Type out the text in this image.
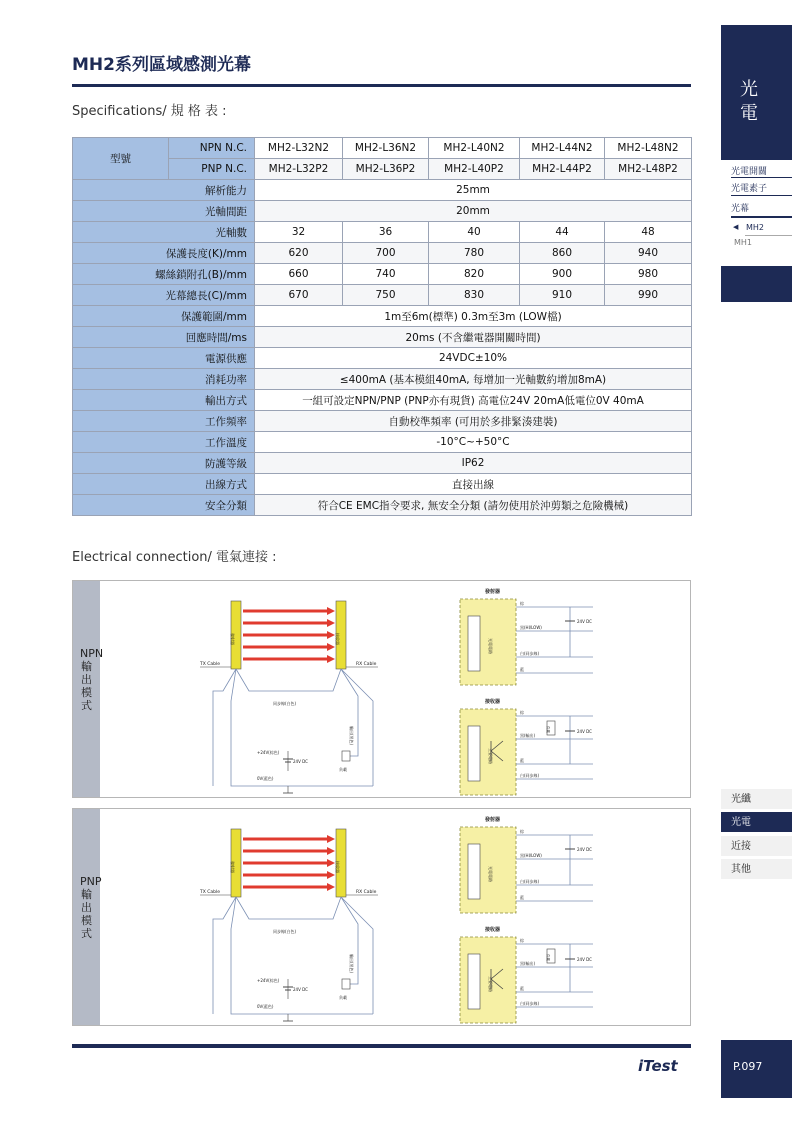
MH2系列區域感測光幕
Specifications/ 規 格 表 :
型號	NPN N.C.	MH2-L32N2	MH2-L36N2	MH2-L40N2	MH2-L44N2	MH2-L48N2
	PNP N.C.	MH2-L32P2	MH2-L36P2	MH2-L40P2	MH2-L44P2	MH2-L48P2
解析能力		25mm				
光軸間距		20mm				
光軸數		32	36	40	44	48
保護長度(K)/mm		620	700	780	860	940
螺絲鎖附孔(B)/mm		660	740	820	900	980
光幕總長(C)/mm		670	750	830	910	990
保護範圍/mm		1m至6m(標準) 0.3m至3m (LOW檔)				
回應時間/ms		20ms (不含繼電器開關時間)				
電源供應		24VDC±10%				
消耗功率		≤400mA (基本模組40mA, 每增加一光軸數約增加8mA)				
輸出方式		一組可設定NPN/PNP (PNP亦有現貨) 高電位24V 20mA低電位0V 40mA				
工作頻率		自動校準頻率 (可用於多排緊湊建裝)				
工作溫度		-10°C~+50°C				
防護等級		IP62				
出線方式		直接出線				
安全分類		符合CE EMC指令要求, 無安全分類 (請勿使用於沖剪類之危險機械)				
Electrical connection/ 電氣連接 :
光電
光電開關
光電素子
光幕
◀ MH2
MH1
光纖
光電
近接
其他
P.097
NPN輸出模式
發射器	接收器
TX Cable	RX Cable
同步線(白色)
輸出(黑色)
+24V(棕色)
0V(藍色)
24V DC
負載
發射器
光電電路
棕
黑(HI/LOW)
白(同步線)
藍
24V DC
接收器
主要電路
棕
黑(輸出)
藍
白(同步線)
24V DC
負載
PNP輸出模式
發射器	接收器
TX Cable	RX Cable
同步線(白色)
輸出(黑色)
+24V(棕色)
0V(藍色)
24V DC
負載
發射器
光電電路
棕
黑(HI/LOW)
白(同步線)
藍
24V DC
接收器
主要電路
棕
黑(輸出)
藍
白(同步線)
24V DC
負載
iTest
